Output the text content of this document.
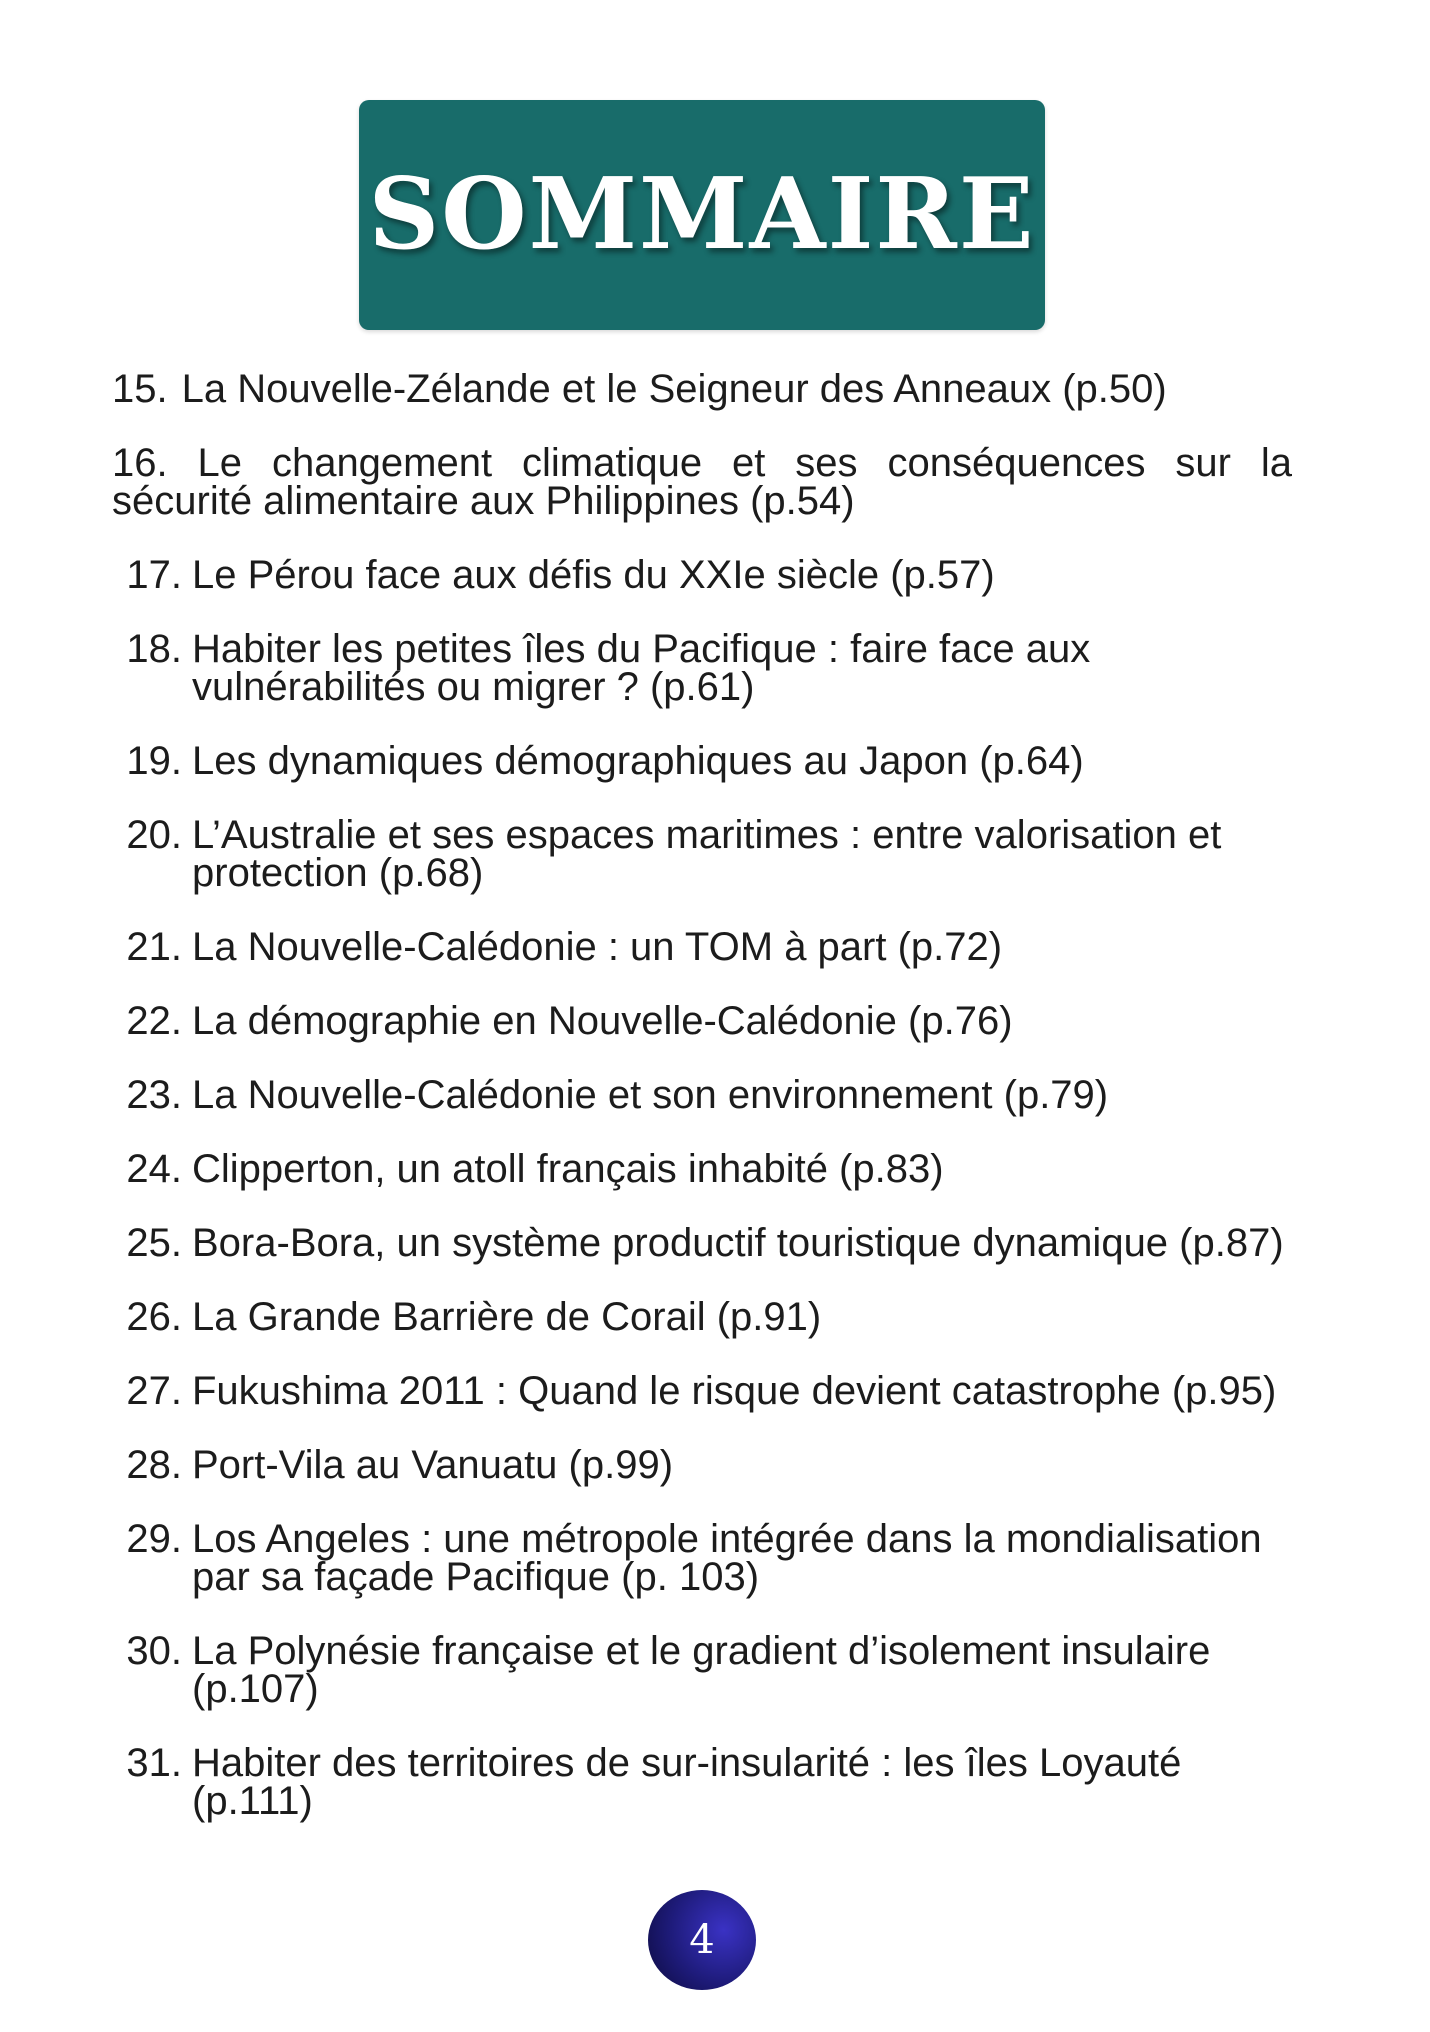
SOMMAIRE
15. La Nouvelle-Zélande et le Seigneur des Anneaux (p.50)
16. Le changement climatique et ses conséquences sur la sécurité alimentaire aux Philippines (p.54)
17. Le Pérou face aux défis du XXIe siècle (p.57)
18. Habiter les petites îles du Pacifique : faire face aux vulnérabilités ou migrer ? (p.61)
19. Les dynamiques démographiques au Japon (p.64)
20. L’Australie et ses espaces maritimes : entre valorisation et protection (p.68)
21. La Nouvelle-Calédonie : un TOM à part (p.72)
22. La démographie en Nouvelle-Calédonie (p.76)
23. La Nouvelle-Calédonie et son environnement (p.79)
24. Clipperton, un atoll français inhabité (p.83)
25. Bora-Bora, un système productif touristique dynamique (p.87)
26. La Grande Barrière de Corail (p.91)
27. Fukushima 2011 : Quand le risque devient catastrophe (p.95)
28. Port-Vila au Vanuatu (p.99)
29. Los Angeles : une métropole intégrée dans la mondialisation par sa façade Pacifique (p. 103)
30. La Polynésie française et le gradient d’isolement insulaire (p.107)
31. Habiter des territoires de sur-insularité : les îles Loyauté (p.111)
4
